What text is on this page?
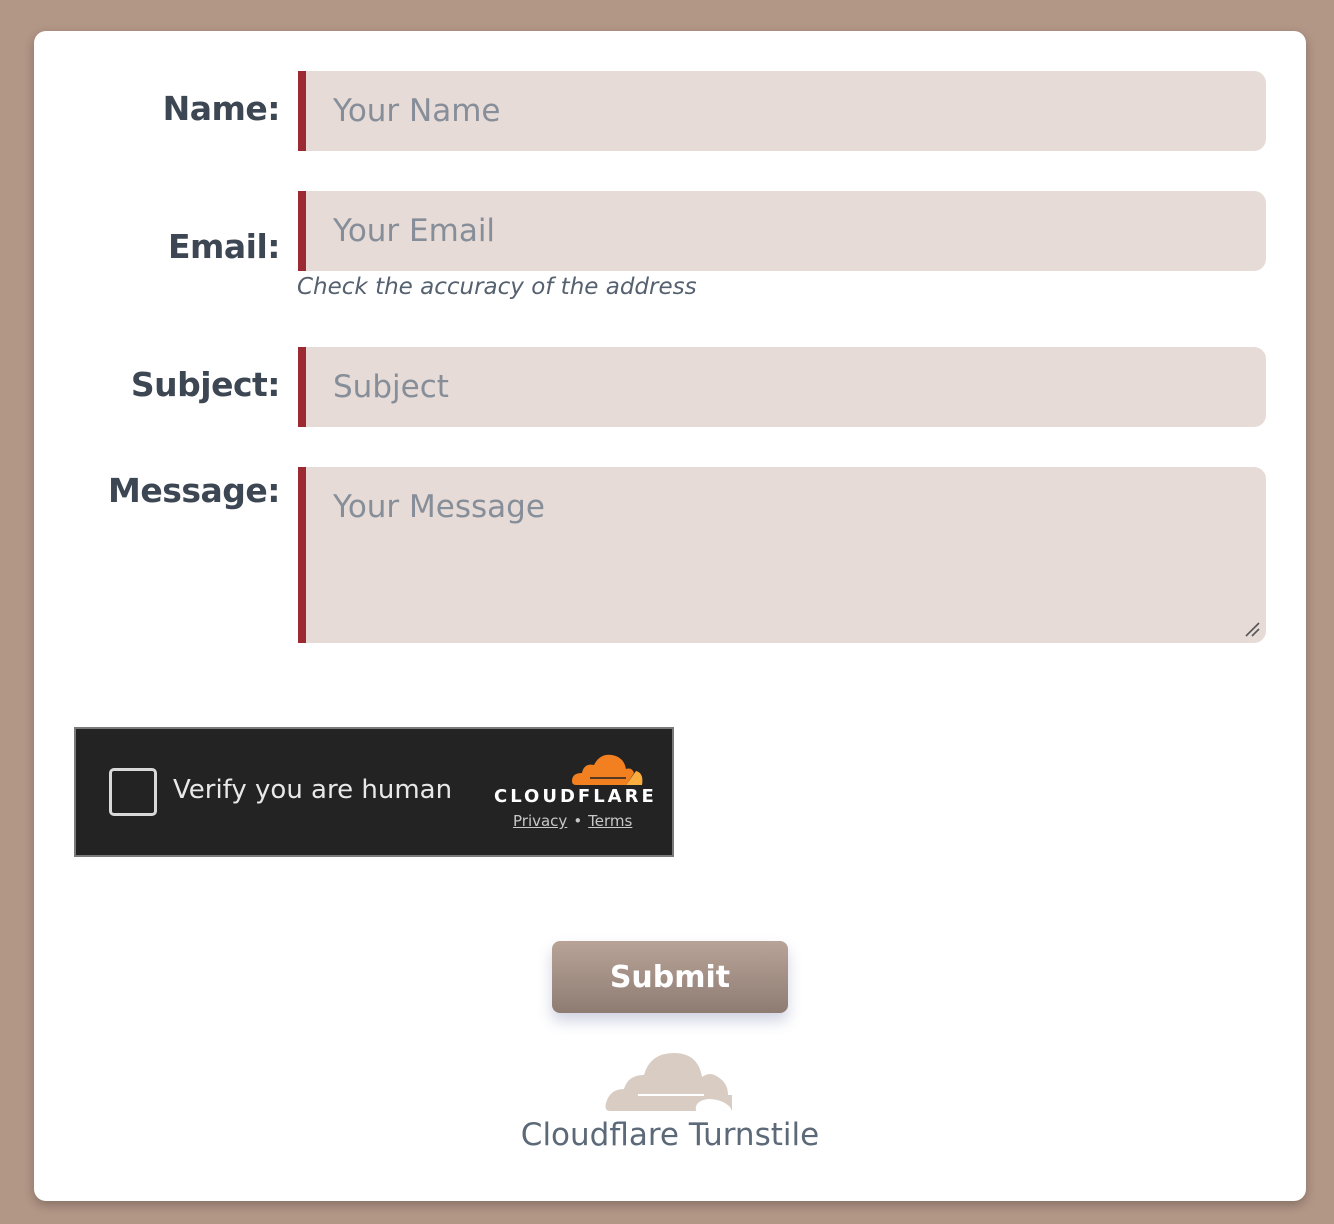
Name:	Your Name
Email:	Your Email
Check the accuracy of the address
Subject:	Subject
Message:	Your Message
Verify you are human CLOUDFLARE
Privacy • Terms
Submit
Cloudflare Turnstile
